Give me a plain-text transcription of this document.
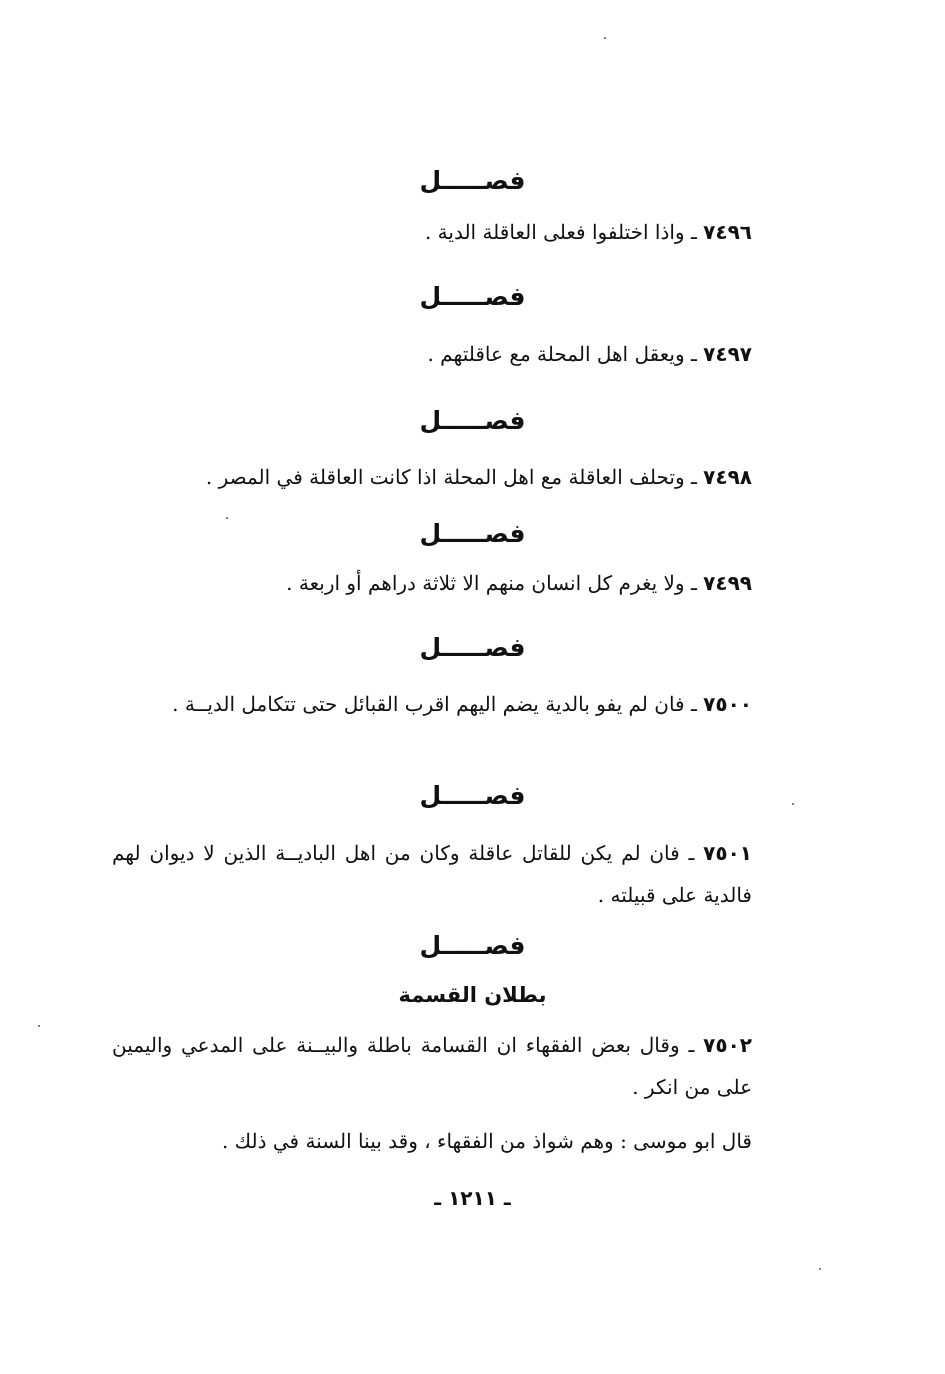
فصـــــل
٧٤٩٦ ـ واذا اختلفوا فعلى العاقلة الدية .
فصـــــل
٧٤٩٧ ـ ويعقل اهل المحلة مع عاقلتهم .
فصـــــل
٧٤٩٨ ـ وتحلف العاقلة مع اهل المحلة اذا كانت العاقلة في المصر .
فصـــــل
٧٤٩٩ ـ ولا يغرم كل انسان منهم الا ثلاثة دراهم أو اربعة .
فصـــــل
٧٥٠٠ ـ فان لم يفو بالدية يضم اليهم اقرب القبائل حتى تتكامل الديــة .
فصـــــل
٧٥٠١ ـ فان لم يكن للقاتل عاقلة وكان من اهل الباديــة الذين لا ديوان لهم فالدية على قبيلته .
فصـــــل
بطلان القسمة
٧٥٠٢ ـ وقال بعض الفقهاء ان القسامة باطلة والبيــنة على المدعي واليمين على من انكر .
قال ابو موسى : وهم شواذ من الفقهاء ، وقد بينا السنة في ذلك .
ـ ١٢١١ ـ
